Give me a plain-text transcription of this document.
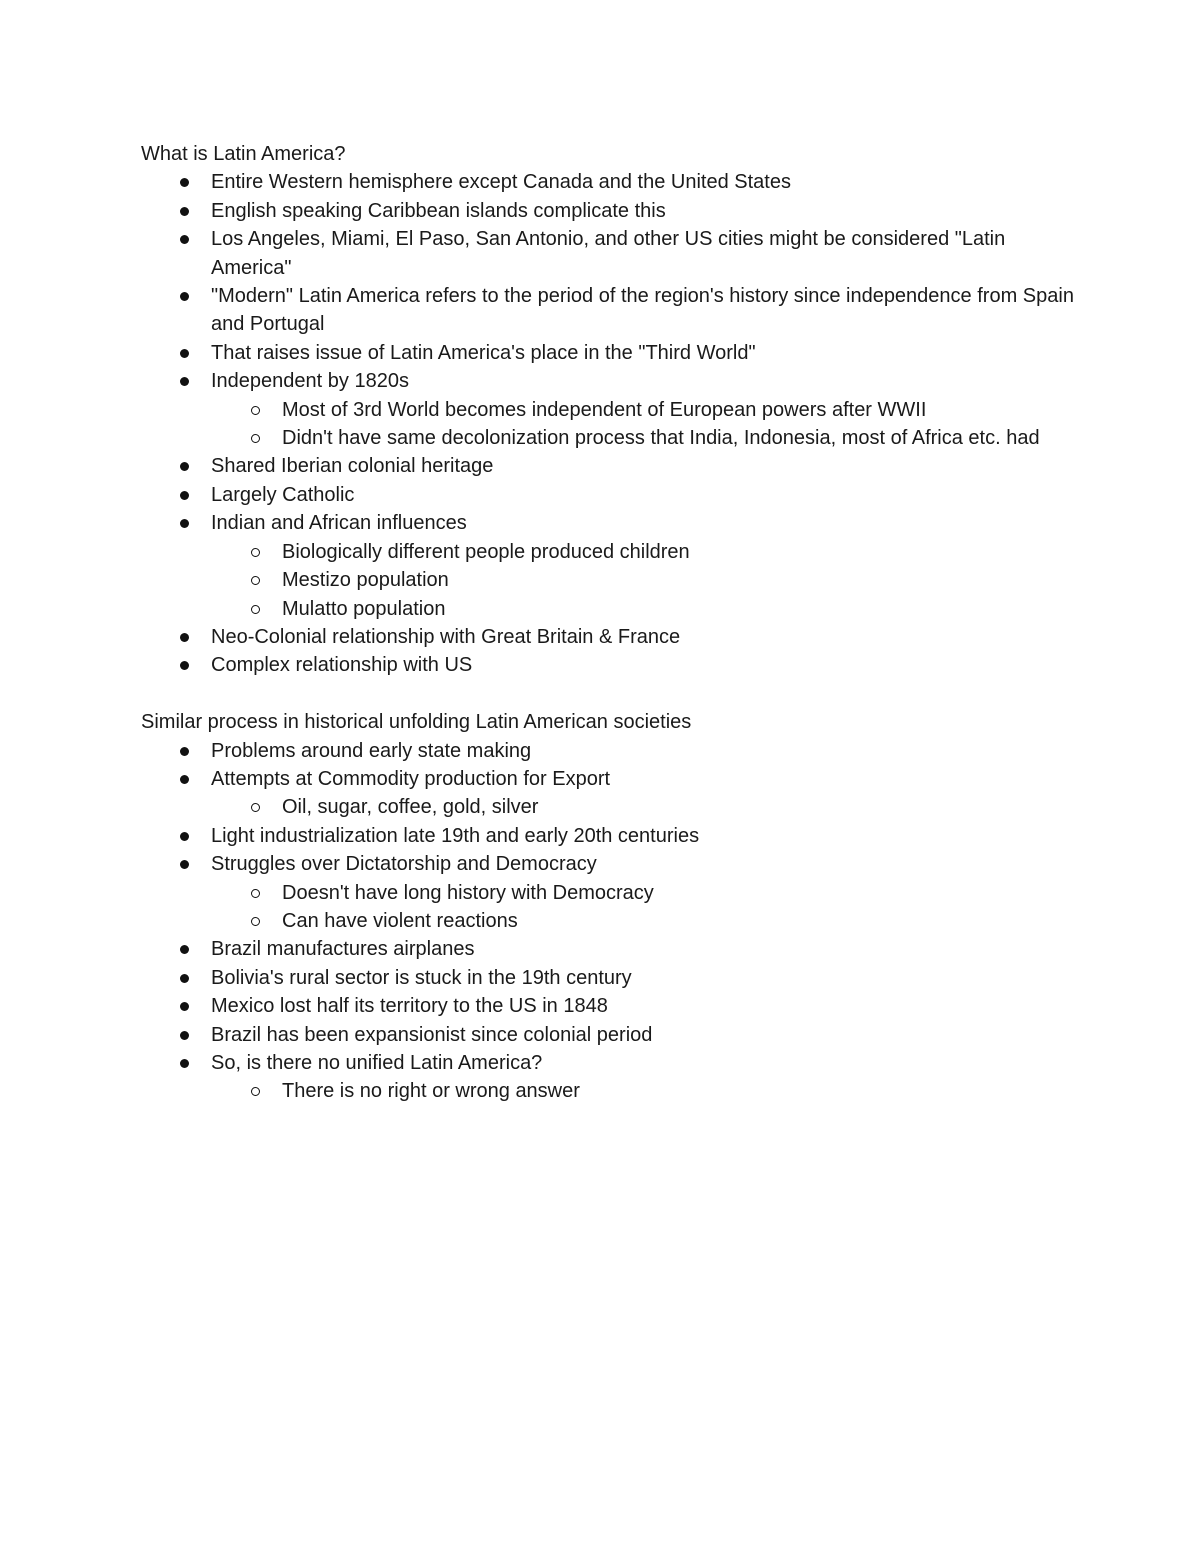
What is Latin America?
Entire Western hemisphere except Canada and the United States
English speaking Caribbean islands complicate this
Los Angeles, Miami, El Paso, San Antonio, and other US cities might be considered "Latin America"
"Modern" Latin America refers to the period of the region's history since independence from Spain and Portugal
That raises issue of Latin America's place in the "Third World"
Independent by 1820s
Most of 3rd World becomes independent of European powers after WWII
Didn't have same decolonization process that India, Indonesia, most of Africa etc. had
Shared Iberian colonial heritage
Largely Catholic
Indian and African influences
Biologically different people produced children
Mestizo population
Mulatto population
Neo-Colonial relationship with Great Britain & France
Complex relationship with US
Similar process in historical unfolding Latin American societies
Problems around early state making
Attempts at Commodity production for Export
Oil, sugar, coffee, gold, silver
Light industrialization late 19th and early 20th centuries
Struggles over Dictatorship and Democracy
Doesn't have long history with Democracy
Can have violent reactions
Brazil manufactures airplanes
Bolivia's rural sector is stuck in the 19th century
Mexico lost half its territory to the US in 1848
Brazil has been expansionist since colonial period
So, is there no unified Latin America?
There is no right or wrong answer
